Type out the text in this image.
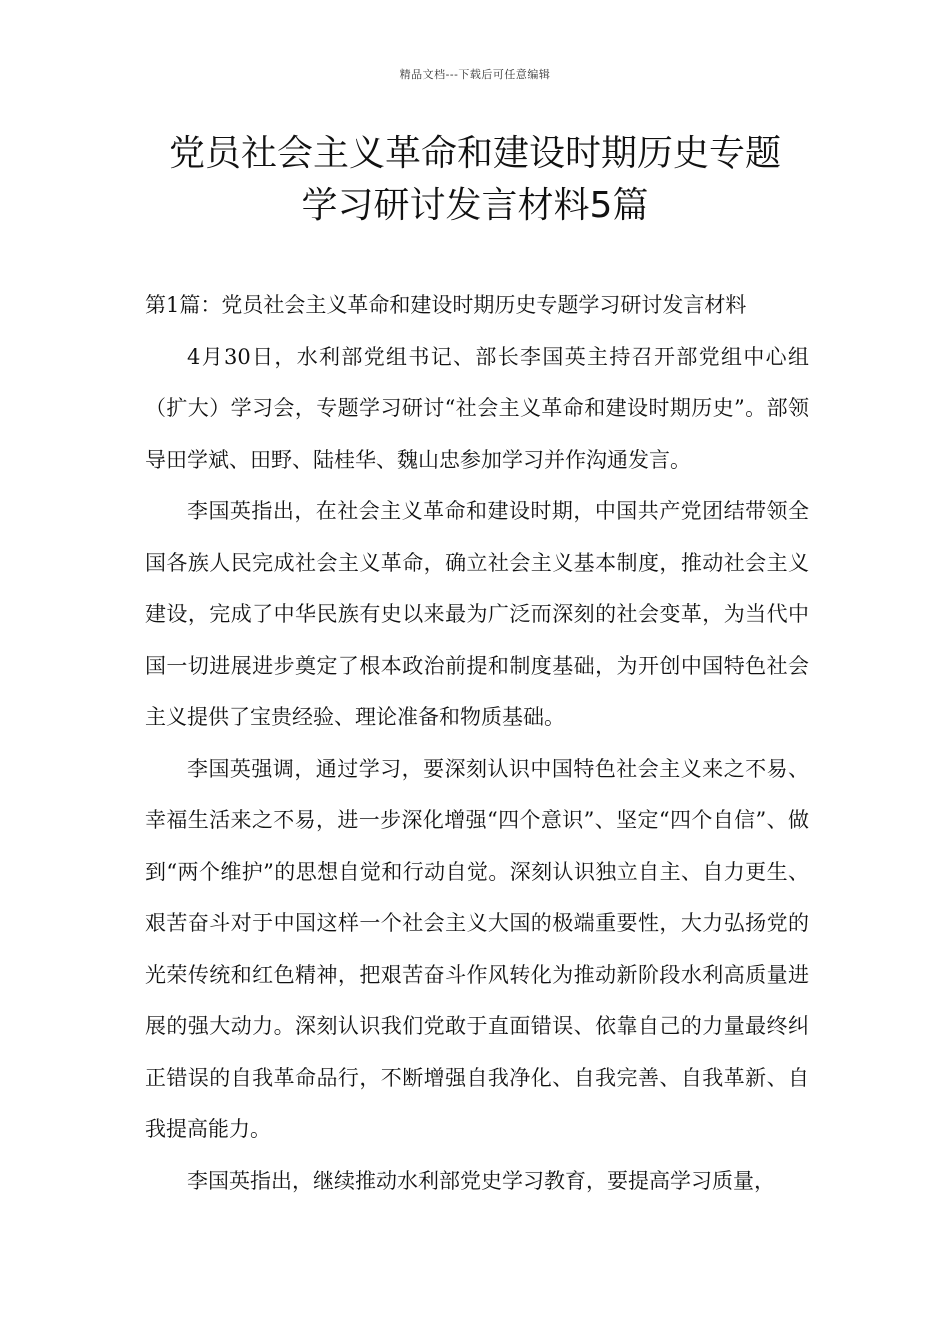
精品文档---下载后可任意编辑
党员社会主义革命和建设时期历史专题
学习研讨发言材料5篇

第1篇：党员社会主义革命和建设时期历史专题学习研讨发言材料

4月30日，水利部党组书记、部长李国英主持召开部党组中心组（扩大）学习会，专题学习研讨“社会主义革命和建设时期历史”。部领导田学斌、田野、陆桂华、魏山忠参加学习并作沟通发言。

李国英指出，在社会主义革命和建设时期，中国共产党团结带领全国各族人民完成社会主义革命，确立社会主义基本制度，推动社会主义建设，完成了中华民族有史以来最为广泛而深刻的社会变革，为当代中国一切进展进步奠定了根本政治前提和制度基础，为开创中国特色社会主义提供了宝贵经验、理论准备和物质基础。

李国英强调，通过学习，要深刻认识中国特色社会主义来之不易、幸福生活来之不易，进一步深化增强“四个意识”、坚定“四个自信”、做到“两个维护”的思想自觉和行动自觉。深刻认识独立自主、自力更生、艰苦奋斗对于中国这样一个社会主义大国的极端重要性，大力弘扬党的光荣传统和红色精神，把艰苦奋斗作风转化为推动新阶段水利高质量进展的强大动力。深刻认识我们党敢于直面错误、依靠自己的力量最终纠正错误的自我革命品行，不断增强自我净化、自我完善、自我革新、自我提高能力。

李国英指出，继续推动水利部党史学习教育，要提高学习质量，
